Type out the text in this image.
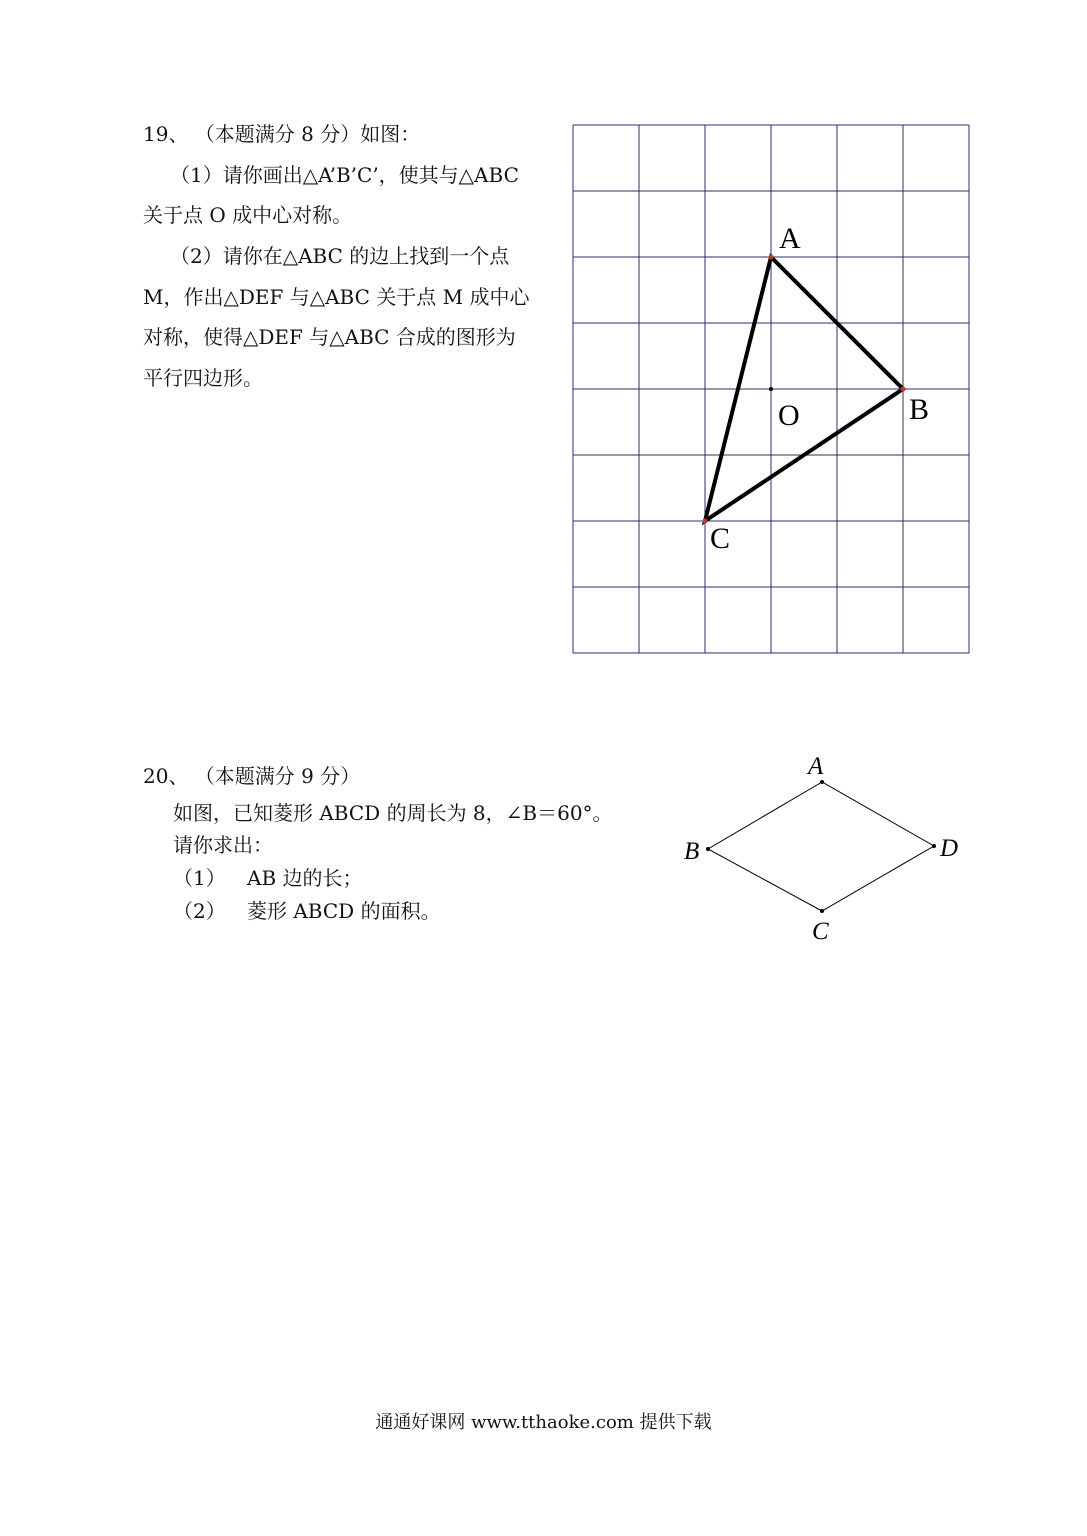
19、 （本题满分 8 分）如图：
（1）请你画出△A’B’C’，使其与△ABC
关于点 O 成中心对称。
（2）请你在△ABC 的边上找到一个点
M，作出△DEF 与△ABC 关于点 M 成中心
对称，使得△DEF 与△ABC 合成的图形为
平行四边形。
A
B
C
O
20、 （本题满分 9 分）
如图，已知菱形 ABCD 的周长为 8，∠B＝60°。
请你求出：
（1） AB 边的长；
（2） 菱形 ABCD 的面积。
A
B
C
D
通通好课网 www.tthaoke.com 提供下载
